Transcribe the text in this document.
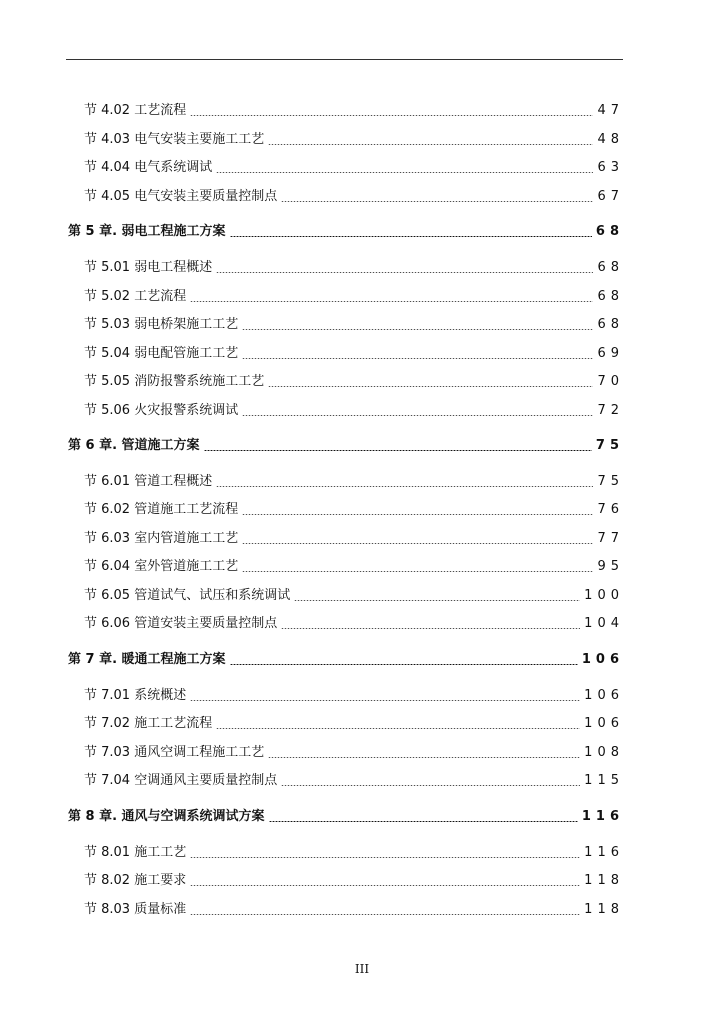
节 4.02 工艺流程	47
节 4.03 电气安装主要施工工艺	48
节 4.04 电气系统调试	63
节 4.05 电气安装主要质量控制点	67
第 5 章. 弱电工程施工方案	68
节 5.01 弱电工程概述	68
节 5.02 工艺流程	68
节 5.03 弱电桥架施工工艺	68
节 5.04 弱电配管施工工艺	69
节 5.05 消防报警系统施工工艺	70
节 5.06 火灾报警系统调试	72
第 6 章. 管道施工方案	75
节 6.01 管道工程概述	75
节 6.02 管道施工工艺流程	76
节 6.03 室内管道施工工艺	77
节 6.04 室外管道施工工艺	95
节 6.05 管道试气、试压和系统调试	100
节 6.06 管道安装主要质量控制点	104
第 7 章. 暖通工程施工方案	106
节 7.01 系统概述	106
节 7.02 施工工艺流程	106
节 7.03 通风空调工程施工工艺	108
节 7.04 空调通风主要质量控制点	115
第 8 章. 通风与空调系统调试方案	116
节 8.01 施工工艺	116
节 8.02 施工要求	118
节 8.03 质量标准	118
III
